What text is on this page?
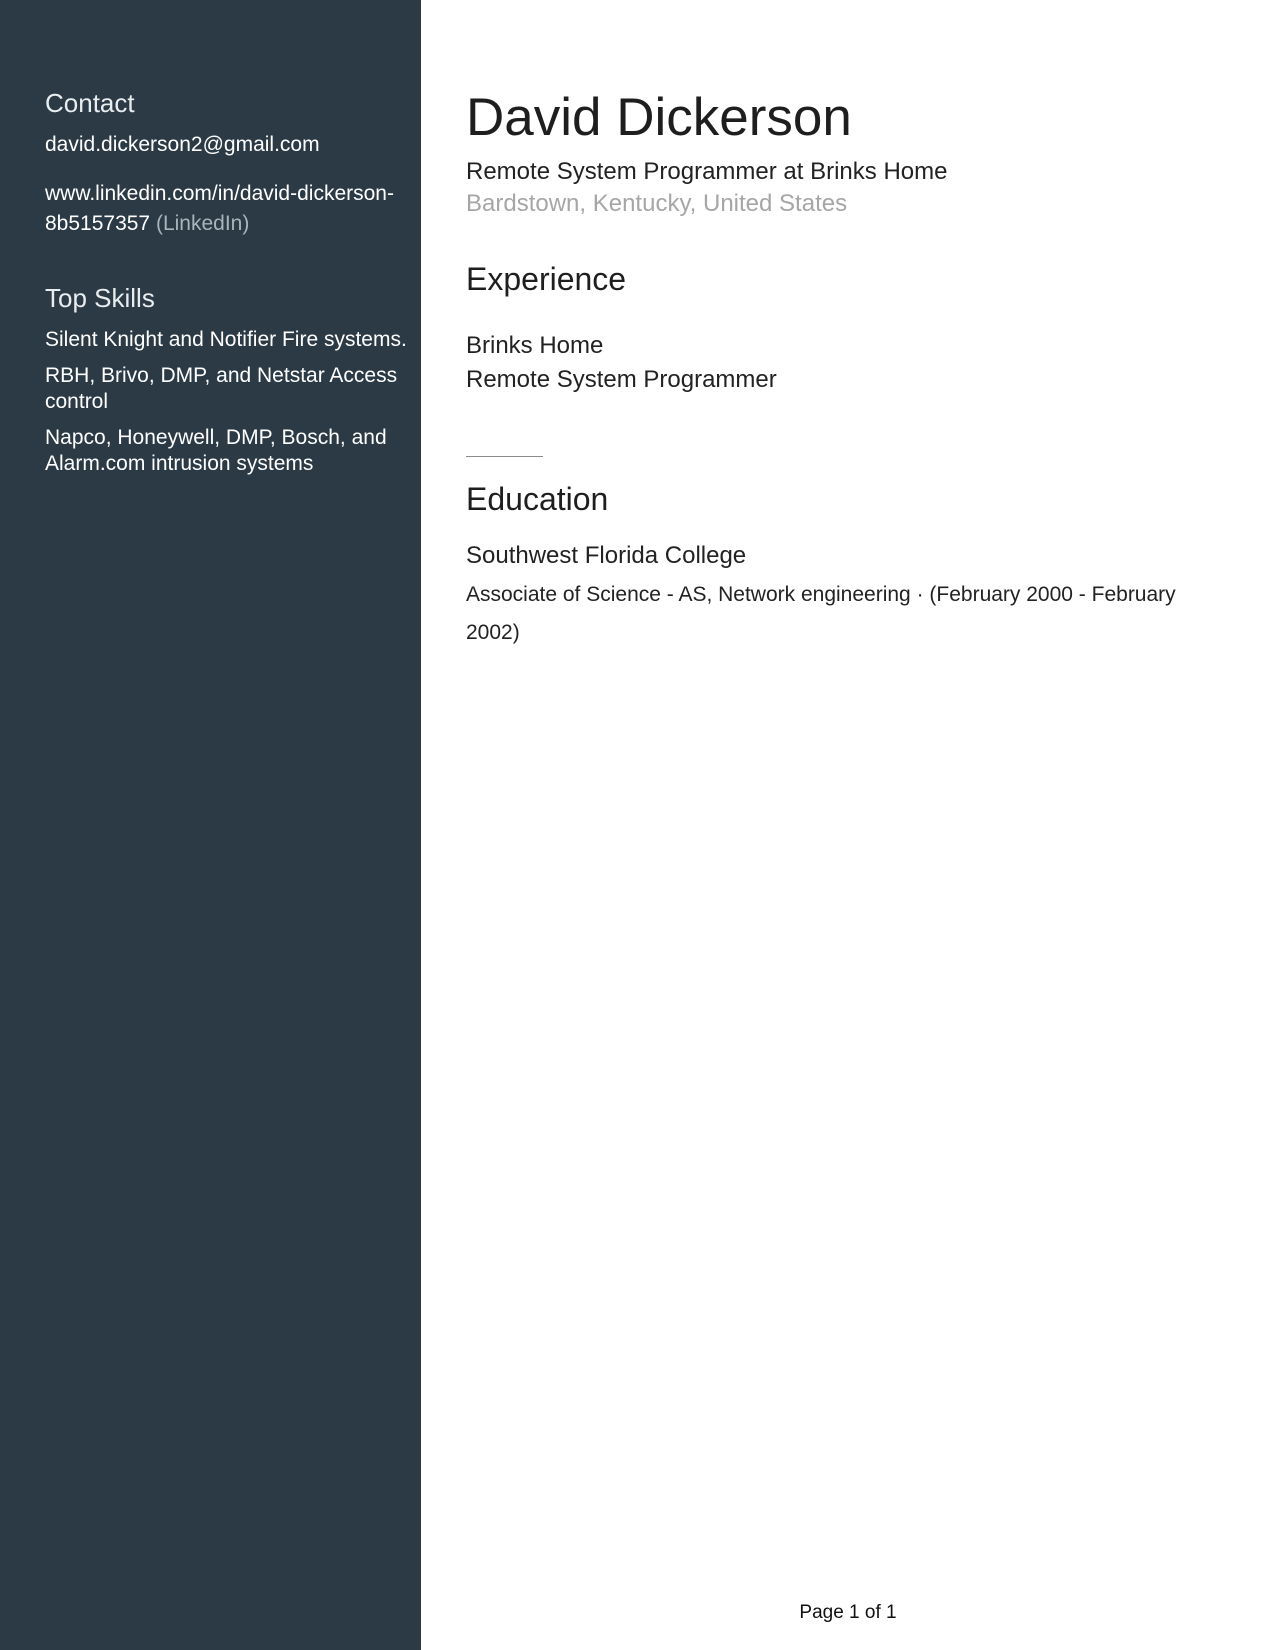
Contact
david.dickerson2@gmail.com
www.linkedin.com/in/david-dickerson-8b5157357 (LinkedIn)
Top Skills
Silent Knight and Notifier Fire systems.
RBH, Brivo, DMP, and Netstar Access control
Napco, Honeywell, DMP, Bosch, and Alarm.com intrusion systems
David Dickerson
Remote System Programmer at Brinks Home
Bardstown, Kentucky, United States
Experience
Brinks Home
Remote System Programmer
Education
Southwest Florida College
Associate of Science - AS, Network engineering · (February 2000 - February 2002)
Page 1 of 1
